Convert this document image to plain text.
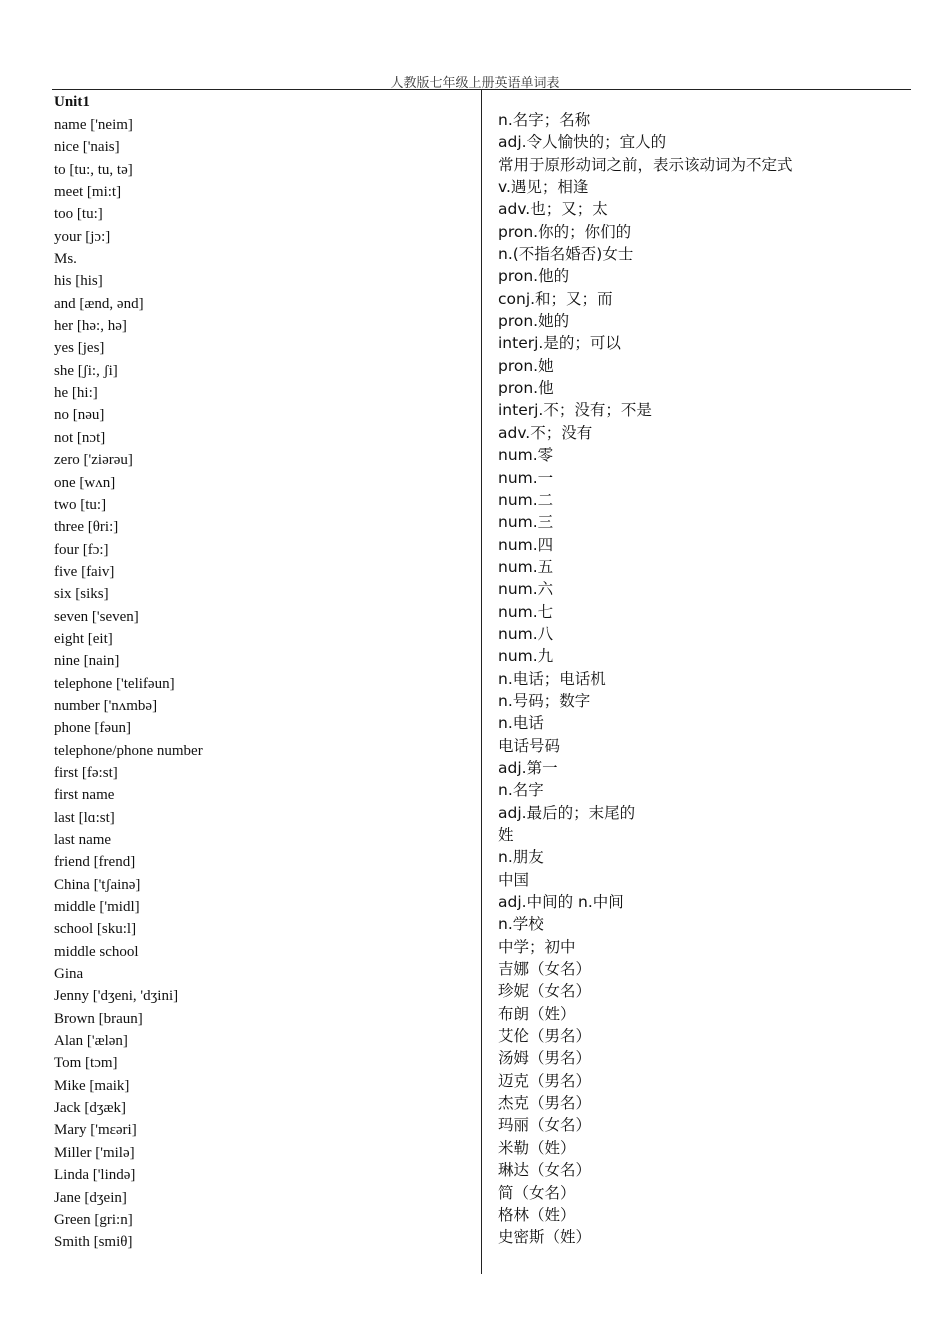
人教版七年级上册英语单词表
Unit1
name ['neim]
nice ['nais]
to [tu:, tu, tə]
meet [mi:t]
too [tu:]
your [jɔ:]
Ms.
his [his]
and [ænd, ənd]
her [hə:, hə]
yes [jes]
she [ʃi:, ʃi]
he [hi:]
no [nəu]
not [nɔt]
zero ['ziərəu]
one [wʌn]
two [tu:]
three [θri:]
four [fɔ:]
five [faiv]
six [siks]
seven ['seven]
eight [eit]
nine [nain]
telephone ['telifəun]
number ['nʌmbə]
phone [fəun]
telephone/phone number
first [fə:st]
first name
last [lɑ:st]
last name
friend [frend]
China ['tʃainə]
middle ['midl]
school [sku:l]
middle school
Gina
Jenny ['dʒeni, 'dʒini]
Brown [braun]
Alan ['ælən]
Tom [tɔm]
Mike [maik]
Jack [dʒæk]
Mary ['mɛəri]
Miller ['milə]
Linda ['lində]
Jane [dʒein]
Green [gri:n]
Smith [smiθ]
n.名字；名称
adj.令人愉快的；宜人的
常用于原形动词之前，表示该动词为不定式
v.遇见；相逢
adv.也；又；太
pron.你的；你们的
n.(不指名婚否)女士
pron.他的
conj.和；又；而
pron.她的
interj.是的；可以
pron.她
pron.他
interj.不；没有；不是
adv.不；没有
num.零
num.一
num.二
num.三
num.四
num.五
num.六
num.七
num.八
num.九
n.电话；电话机
n.号码；数字
n.电话
电话号码
adj.第一
n.名字
adj.最后的；末尾的
姓
n.朋友
中国
adj.中间的 n.中间
n.学校
中学；初中
吉娜（女名）
珍妮（女名）
布朗（姓）
艾伦（男名）
汤姆（男名）
迈克（男名）
杰克（男名）
玛丽（女名）
米勒（姓）
琳达（女名）
简（女名）
格林（姓）
史密斯（姓）
